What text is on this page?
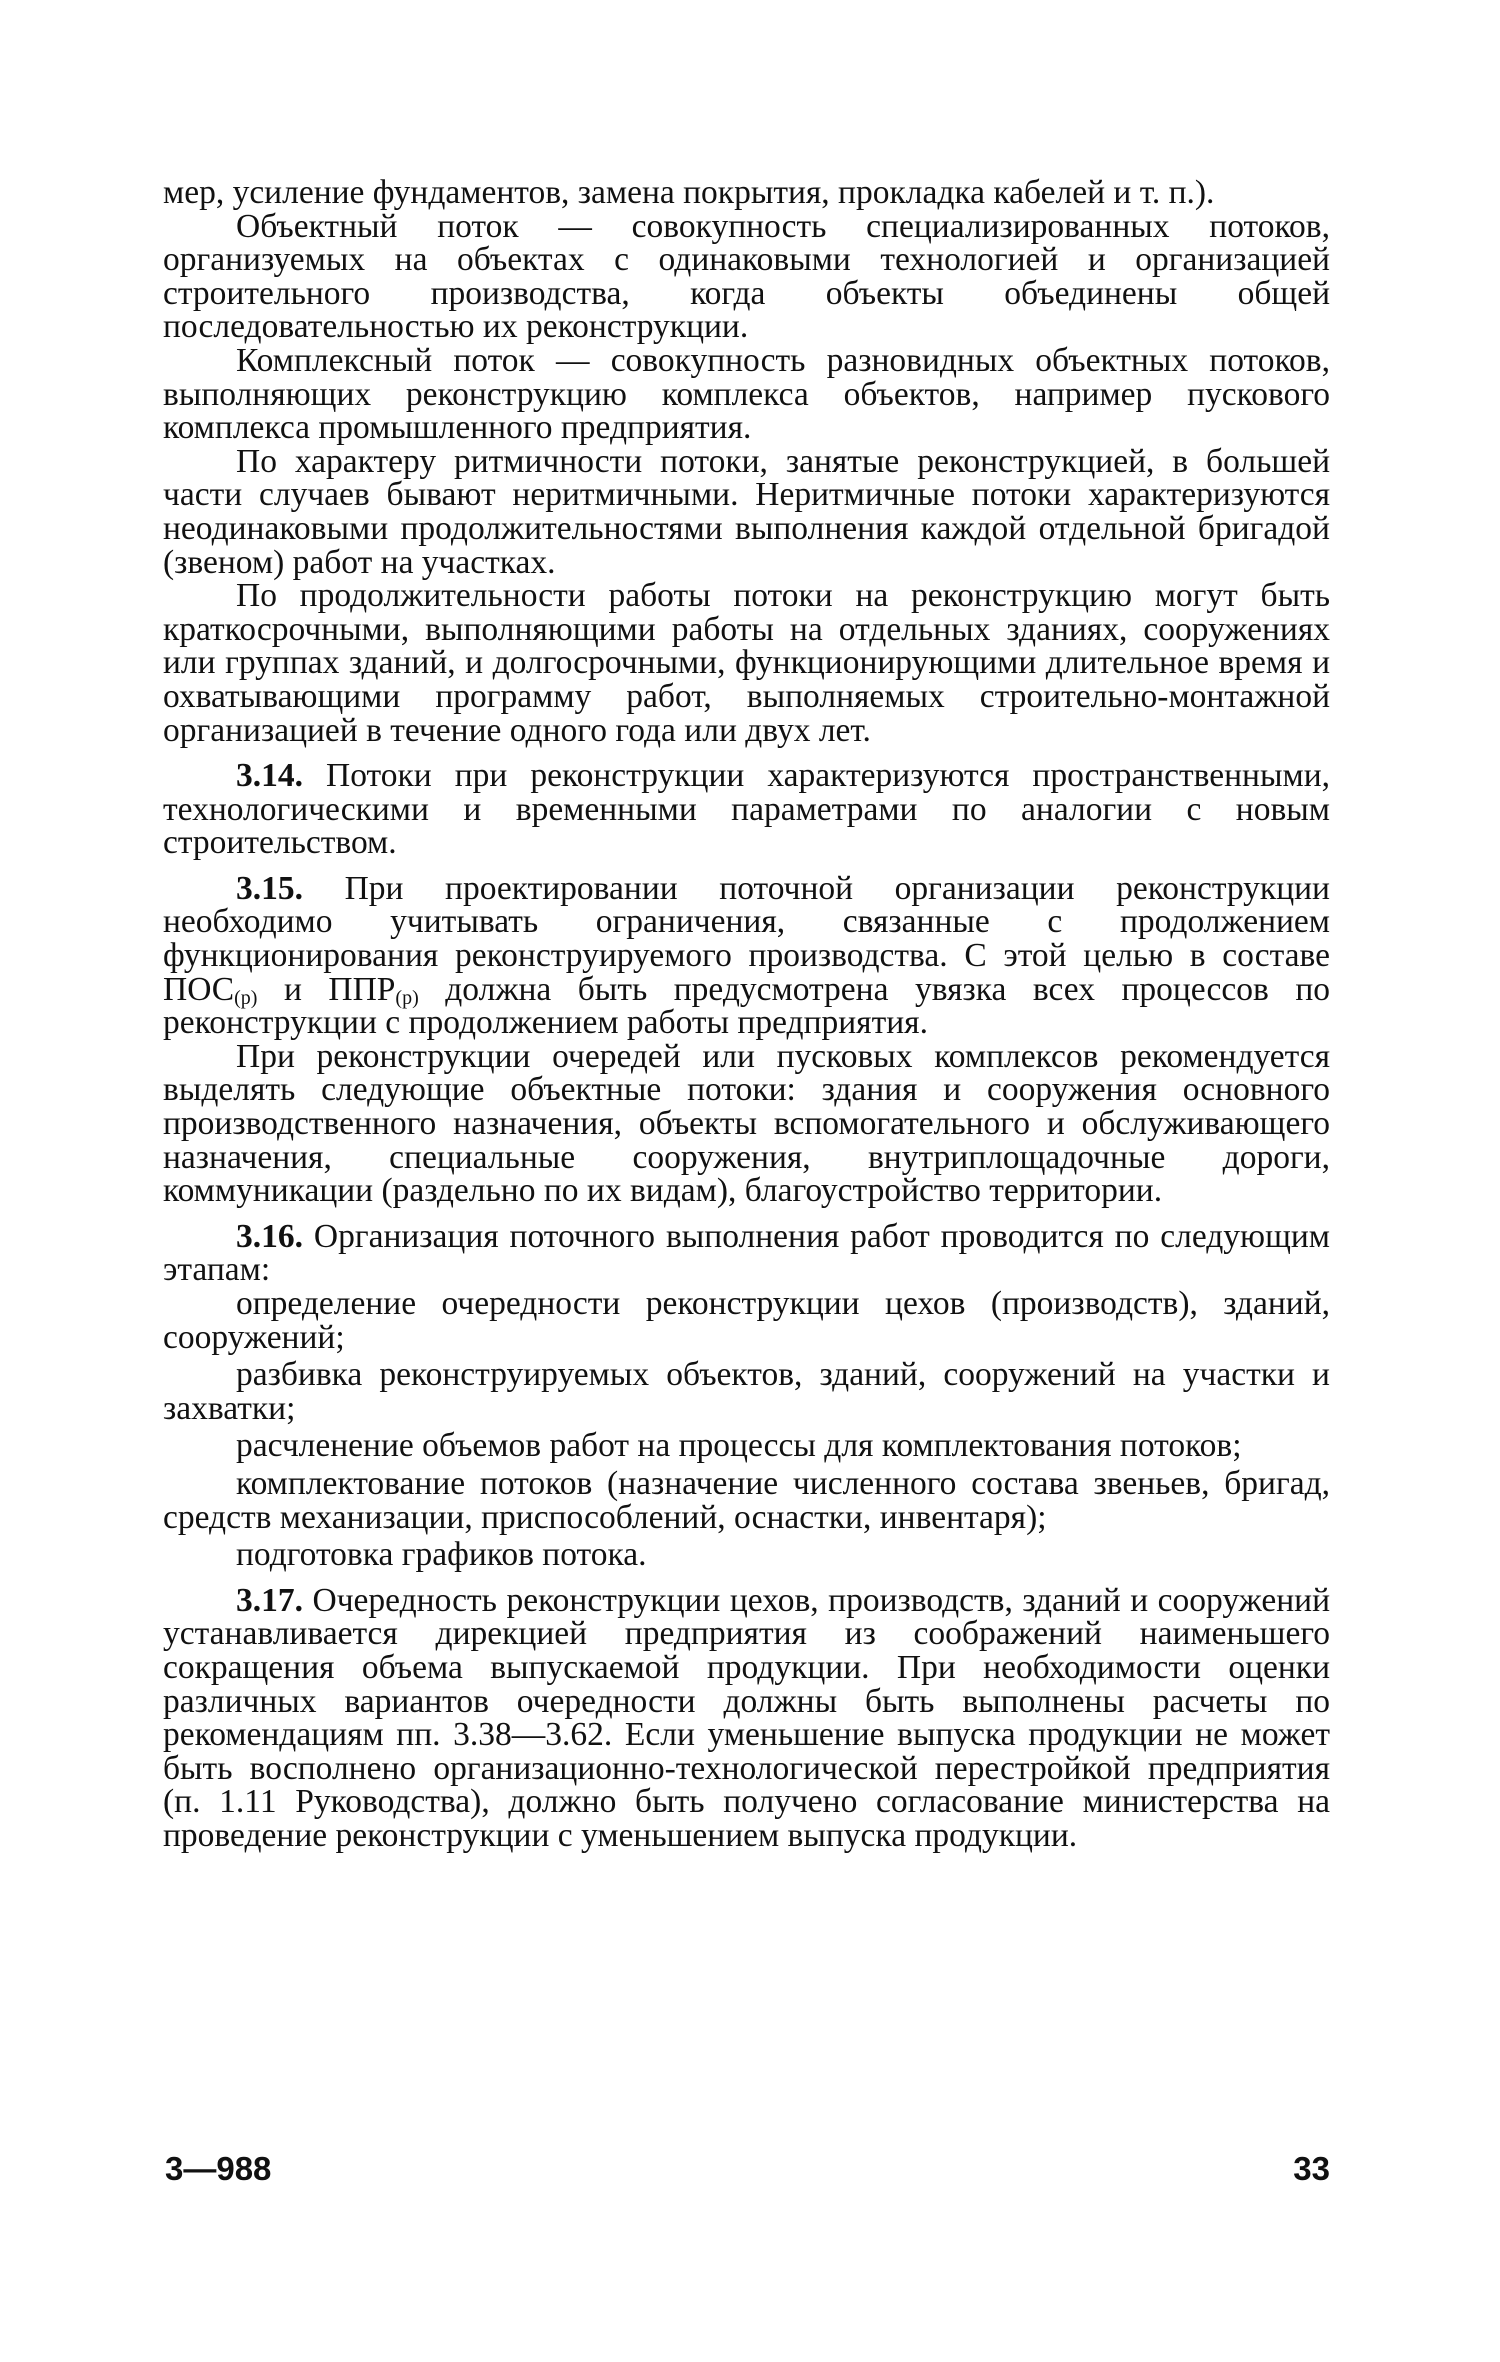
мер, усиление фундаментов, замена покрытия, прокладка кабелей и т. п.).

Объектный поток — совокупность специализированных потоков, организуемых на объектах с одинаковыми технологией и организацией строительного производства, когда объекты объединены общей последовательностью их реконструкции.

Комплексный поток — совокупность разновидных объектных потоков, выполняющих реконструкцию комплекса объектов, например пускового комплекса промышленного предприятия.

По характеру ритмичности потоки, занятые реконструкцией, в большей части случаев бывают неритмичными. Неритмичные потоки характеризуются неодинаковыми продолжительностями выполнения каждой отдельной бригадой (звеном) работ на участках.

По продолжительности работы потоки на реконструкцию могут быть краткосрочными, выполняющими работы на отдельных зданиях, сооружениях или группах зданий, и долгосрочными, функционирующими длительное время и охватывающими программу работ, выполняемых строительно-монтажной организацией в течение одного года или двух лет.

3.14. Потоки при реконструкции характеризуются пространственными, технологическими и временными параметрами по аналогии с новым строительством.

3.15. При проектировании поточной организации реконструкции необходимо учитывать ограничения, связанные с продолжением функционирования реконструируемого производства. С этой целью в составе $ПОС_{(р)}$ и $ППР_{(р)}$ должна быть предусмотрена увязка всех процессов по реконструкции с продолжением работы предприятия.

При реконструкции очередей или пусковых комплексов рекомендуется выделять следующие объектные потоки: здания и сооружения основного производственного назначения, объекты вспомогательного и обслуживающего назначения, специальные сооружения, внутриплощадочные дороги, коммуникации (раздельно по их видам), благоустройство территории.

3.16. Организация поточного выполнения работ проводится по следующим этапам:

определение очередности реконструкции цехов (производств), зданий, сооружений;

разбивка реконструируемых объектов, зданий, сооружений на участки и захватки;

расчленение объемов работ на процессы для комплектования потоков;

комплектование потоков (назначение численного состава звеньев, бригад, средств механизации, приспособлений, оснастки, инвентаря);

подготовка графиков потока.

3.17. Очередность реконструкции цехов, производств, зданий и сооружений устанавливается дирекцией предприятия из соображений наименьшего сокращения объема выпускаемой продукции. При необходимости оценки различных вариантов очередности должны быть выполнены расчеты по рекомендациям пп. 3.38—3.62. Если уменьшение выпуска продукции не может быть восполнено организационно-технологической перестройкой предприятия (п. 1.11 Руководства), должно быть получено согласование министерства на проведение реконструкции с уменьшением выпуска продукции.

3—988	33
